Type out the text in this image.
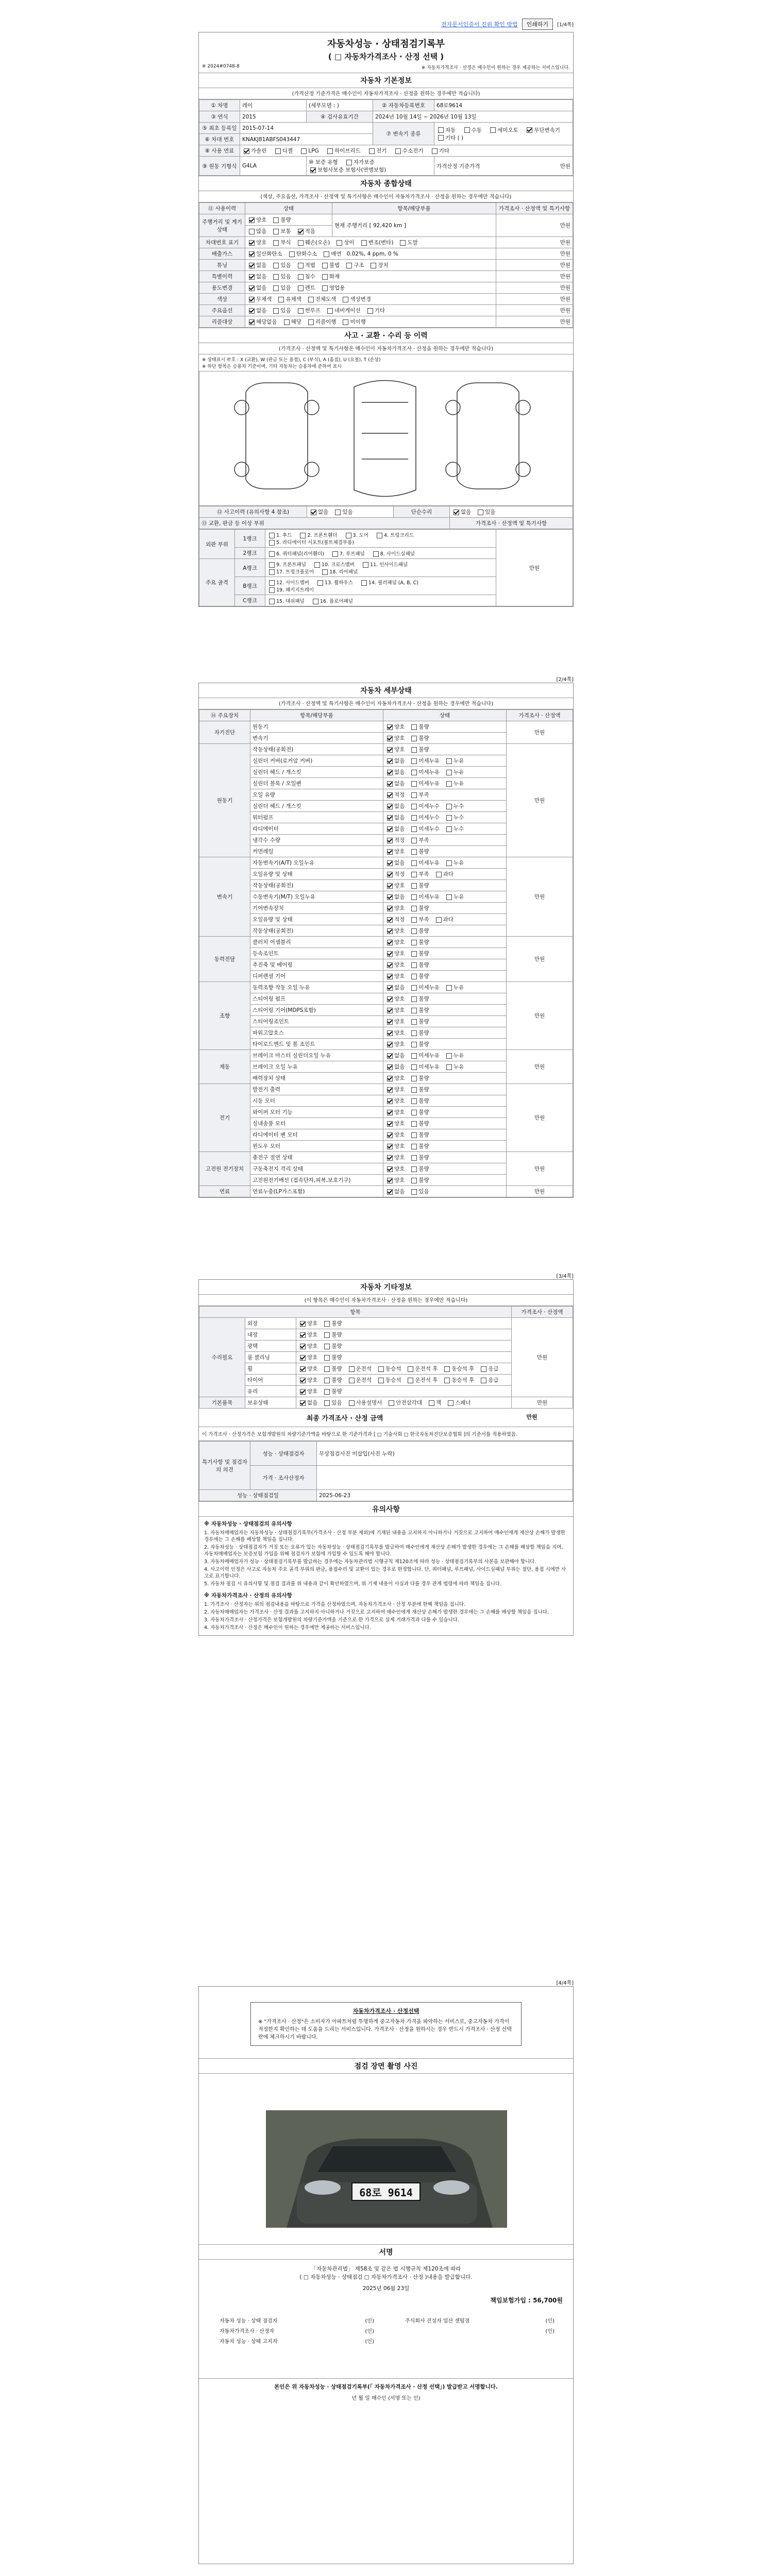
전자문서인증서 진위 확인 방법	인쇄하기	[1/4쪽]
자동차성능 · 상태점검기록부
( □ 자동차가격조사 · 산정 선택 )
※ 2024#0748-8	※ 자동차가격조사 · 산정은 매수인이 원하는 경우 제공하는 서비스입니다.
자동차 기본정보
(가격산정 기준가격은 매수인이 자동차가격조사 · 산정을 원하는 경우에만 적습니다)
① 차명	레이	(세부모델 : )	② 자동차등록번호	68로9614
③ 연식	2015	④ 검사유효기간	2024년 10월 14일 ~ 2026년 10월 13일	
⑤ 최초 등록일	2015-07-14		⑦ 변속기 종류	자동 수동 세미오토 무단변속기
기타 ( )
⑥ 차대 번호	KNAKJ81ABFS043447			
⑧ 사용 연료	가솔린 디젤 LPG 하이브리드 전기 수소전기 기타			
⑨ 원동 기형식	G4LA	⑩ 보증 유형 자가보증 보험사보증 보험사(연맹보험)		가격산정 기준가격 만원
자동차 종합상태
(색상, 주요옵션, 가격조사 · 산정액 및 특기사항은 매수인이 자동차가격조사 · 산정을 원하는 경우에만 적습니다)
⑪ 사용이력	상태	항목/해당부품	가격조사 · 산정액 및 특기사항
주행거리 및 계기상태	양호 불량	현재 주행거리 [ 92,420 km ]	만원
	많음 보통 적음		
차대번호 표기	양호 부식 훼손(오손) 상이 변조(변타) 도말		만원
배출가스	일산화탄소 탄화수소 매연 0.02%, 4 ppm, 0 %		만원
튜닝	없음 있음 적법 불법 구조 장치		만원
특별이력	없음 있음 침수 화재		만원
용도변경	없음 있음 렌트 영업용		만원
색상	무채색 유채색 전체도색 색상변경		만원
주요옵션	없음 있음 썬루프 네비게이션 기타		만원
리콜대상	해당없음 해당 리콜이행 미이행		만원
사고 · 교환 · 수리 등 이력
(가격조사 · 산정액 및 특기사항은 매수인이 자동차가격조사 · 산정을 원하는 경우에만 적습니다)
※ 상태표시 부호 : X (교환), W (판금 또는 용접), C (부식), A (흠집), U (요철), T (손상)
※ 하단 항목은 승용차 기준이며, 기타 자동차는 승용차에 준하여 표시
⑫ 사고이력 (유의사항 4 참조)	없음 있음	단순수리	없음 있음
⑬ 교환, 판금 등 이상 부위			가격조사 · 산정액 및 특기사항
외판 부위	1랭크	1. 후드 2. 프론트휀더 3. 도어 4. 트렁크리드
5. 라디에이터 서포트(볼트체결부품)	만원
	2랭크	6. 쿼터패널(리어휀더) 7. 루프패널 8. 사이드실패널	
주요 골격	A랭크	9. 프론트패널 10. 크로스멤버 11. 인사이드패널
17. 트렁크플로어 18. 리어패널	
	B랭크	12. 사이드멤버 13. 휠하우스 14. 필러패널 (A, B, C)
19. 패키지트레이	
	C랭크	15. 대쉬패널 16. 플로어패널	
[2/4쪽]
자동차 세부상태
(가격조사 · 산정액 및 특기사항은 매수인이 자동차가격조사 · 산정을 원하는 경우에만 적습니다)
⑭ 주요장치	항목/해당부품	상태	가격조사 · 산정액
자기진단	원동기	양호 불량	만원
	변속기	양호 불량	
원동기	작동상태(공회전)	양호 불량	만원
	실린더 커버(로커암 커버)	없음 미세누유 누유	
	실린더 헤드 / 개스킷	없음 미세누유 누유	
	실린더 블록 / 오일팬	없음 미세누유 누유	
	오일 유량	적정 부족	
	실린더 헤드 / 개스킷	없음 미세누수 누수	
	워터펌프	없음 미세누수 누수	
	라디에이터	없음 미세누수 누수	
	냉각수 수량	적정 부족	
	커먼레일	양호 불량	
변속기	자동변속기(A/T) 오일누유	없음 미세누유 누유	만원
	오일유량 및 상태	적정 부족 과다	
	작동상태(공회전)	양호 불량	
	수동변속기(M/T) 오일누유	없음 미세누유 누유	
	기어변속장치	양호 불량	
	오일유량 및 상태	적정 부족 과다	
	작동상태(공회전)	양호 불량	
동력전달	클러치 어셈블리	양호 불량	만원
	등속조인트	양호 불량	
	추진축 및 베어링	양호 불량	
	디퍼렌셜 기어	양호 불량	
조향	동력조향 작동 오일 누유	없음 미세누유 누유	만원
	스티어링 펌프	양호 불량	
	스티어링 기어(MDPS포함)	양호 불량	
	스티어링조인트	양호 불량	
	파워고압호스	양호 불량	
	타이로드엔드 및 볼 조인트	양호 불량	
제동	브레이크 마스터 실린더오일 누유	없음 미세누유 누유	만원
	브레이크 오일 누유	없음 미세누유 누유	
	배력장치 상태	양호 불량	
전기	발전기 출력	양호 불량	만원
	시동 모터	양호 불량	
	와이퍼 모터 기능	양호 불량	
	실내송풍 모터	양호 불량	
	라디에이터 팬 모터	양호 불량	
	윈도우 모터	양호 불량	
고전원 전기장치	충전구 절연 상태	양호 불량	만원
	구동축전지 격리 상태	양호 불량	
	고전원전기배선 (접속단자,피복,보호기구)	양호 불량	
연료	연료누출(LP가스포함)	없음 있음	만원
[3/4쪽]
자동차 기타정보
(이 항목은 매수인이 자동차가격조사 · 산정을 원하는 경우에만 적습니다)
항목			가격조사 · 산정액
수리필요	외장	양호 불량	만원
	내장	양호 불량	
	광택	양호 불량	
	룸 클리닝	양호 불량	
	휠	양호 불량 운전석 동승석 운전석 후 동승석 후 응급	
	타이어	양호 불량 운전석 동승석 운전석 후 동승석 후 응급	
	유리	양호 불량	
기본품목	보유상태	없음 있음 사용설명서 안전삼각대 잭 스패너	만원
최종 가격조사 · 산정 금액	만원
이 가격조사 · 산정가격은 보험개발원의 차량기준가액을 바탕으로 한 기준가격과 [ □ 기술사회 □ 한국자동차진단보증협회 ]의 기준서를 적용하였음.
특기사항 및 점검자의 의견	성능 · 상태점검자	무상점검사진 미삽입(사진 누락)
	가격 · 조사산정자	
성능 · 상태점검일		2025-06-23
유의사항
※ 자동차성능 · 상태점검의 유의사항

1. 자동차매매업자는 자동차성능 · 상태점검기록부(가격조사 · 산정 부분 제외)에 기재된 내용을 고지하지 아니하거나 거짓으로 고지하여 매수인에게 재산상 손해가 발생한 경우에는 그 손해를 배상할 책임을 집니다.

2. 자동차성능 · 상태점검자가 거짓 또는 오류가 있는 자동차성능 · 상태점검기록부를 발급하여 매수인에게 재산상 손해가 발생한 경우에는 그 손해를 배상할 책임을 지며, 자동차매매업자는 보증보험 가입을 위해 점검자가 보험에 가입할 수 있도록 해야 합니다.

3. 자동차매매업자가 성능 · 상태점검기록부를 발급하는 경우에는 자동차관리법 시행규칙 제120조에 따라 성능 · 상태점검기록부의 사본을 보관해야 합니다.

4. 사고이력 인정은 사고로 자동차 주요 골격 부위의 판금, 용접수리 및 교환이 있는 경우로 한정합니다. 단, 쿼터패널, 루프패널, 사이드실패널 부위는 절단, 용접 시에만 사고로 표기합니다.

5. 자동차 점검 시 유의사항 및 점검 결과를 위 내용과 같이 확인하였으며, 위 기재 내용이 사실과 다를 경우 관계 법령에 따라 책임을 집니다.

※ 자동차가격조사 · 산정의 유의사항

1. 가격조사 · 산정자는 위의 점검내용을 바탕으로 가격을 산정하였으며, 자동차가격조사 · 산정 부분에 한해 책임을 집니다.

2. 자동차매매업자는 가격조사 · 산정 결과를 고지하지 아니하거나 거짓으로 고지하여 매수인에게 재산상 손해가 발생한 경우에는 그 손해를 배상할 책임을 집니다.

3. 자동차가격조사 · 산정가격은 보험개발원의 차량기준가액을 기준으로 한 가격으로 실제 거래가격과 다를 수 있습니다.

4. 자동차가격조사 · 산정은 매수인이 원하는 경우에만 제공하는 서비스입니다.

[4/4쪽]
자동차가격조사 · 산정선택
※ "가격조사 · 산정"은 소비자가 아파트처럼 투명하게 중고자동차 가격을 파악하는 서비스로, 중고자동차 가격이 적정한지 확인하는 데 도움을 드리는 서비스입니다. 가격조사 · 산정을 원하시는 경우 반드시 가격조사 · 산정 선택란에 체크하시기 바랍니다.
점검 장면 촬영 사진
68로 9614
서명
「자동차관리법」 제58조 및 같은 법 시행규칙 제120조에 따라
( □ 자동차성능 · 상태점검 □ 자동차가격조사 · 산정 )내용을 발급합니다.
2025년 06월 23일
책임보험가입 : 56,700원
자동차 성능 · 상태 점검자	(인)
자동차가격조사 · 산정자	(인)
자동차 성능 · 상태 고지자	(인)
주식회사 진성자 일산 센텀점	(인)
(인)
본인은 위 자동차성능 · 상태점검기록부(「 자동차가격조사 · 산정 선택」) 발급받고 서명합니다.
년 월 일 매수인 (서명 또는 인)
